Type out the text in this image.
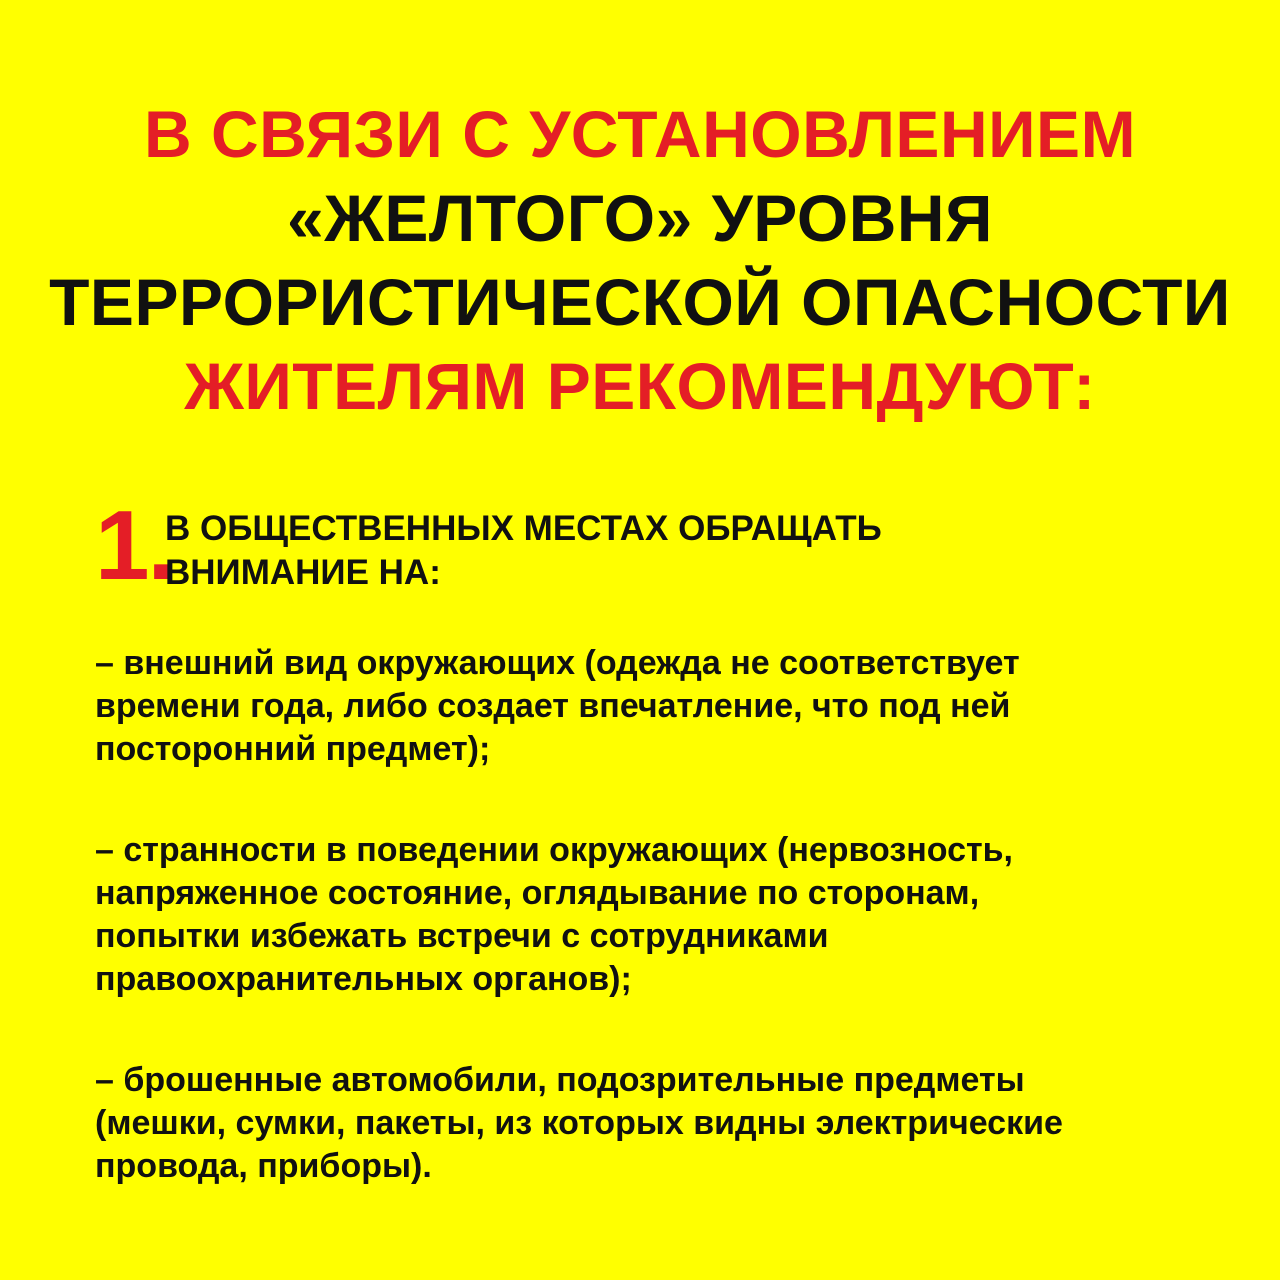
В СВЯЗИ С УСТАНОВЛЕНИЕМ
«ЖЕЛТОГО» УРОВНЯ
ТЕРРОРИСТИЧЕСКОЙ ОПАСНОСТИ
ЖИТЕЛЯМ РЕКОМЕНДУЮТ:
1.
В ОБЩЕСТВЕННЫХ МЕСТАХ ОБРАЩАТЬ
ВНИМАНИЕ НА:
– внешний вид окружающих (одежда не соответствует
времени года, либо создает впечатление, что под ней
посторонний предмет);
– странности в поведении окружающих (нервозность,
напряженное состояние, оглядывание по сторонам,
попытки избежать встречи с сотрудниками
правоохранительных органов);
– брошенные автомобили, подозрительные предметы
(мешки, сумки, пакеты, из которых видны электрические
провода, приборы).
